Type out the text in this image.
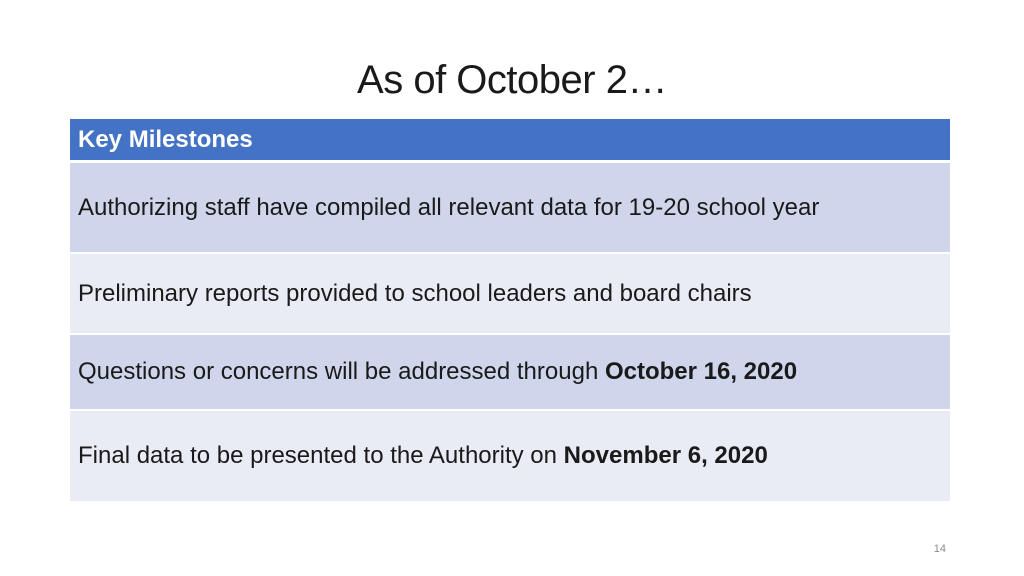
As of October 2…
Key Milestones
Authorizing staff have compiled all relevant data for 19-20 school year
Preliminary reports provided to school leaders and board chairs
Questions or concerns will be addressed through October 16, 2020
Final data to be presented to the Authority on November 6, 2020
14
